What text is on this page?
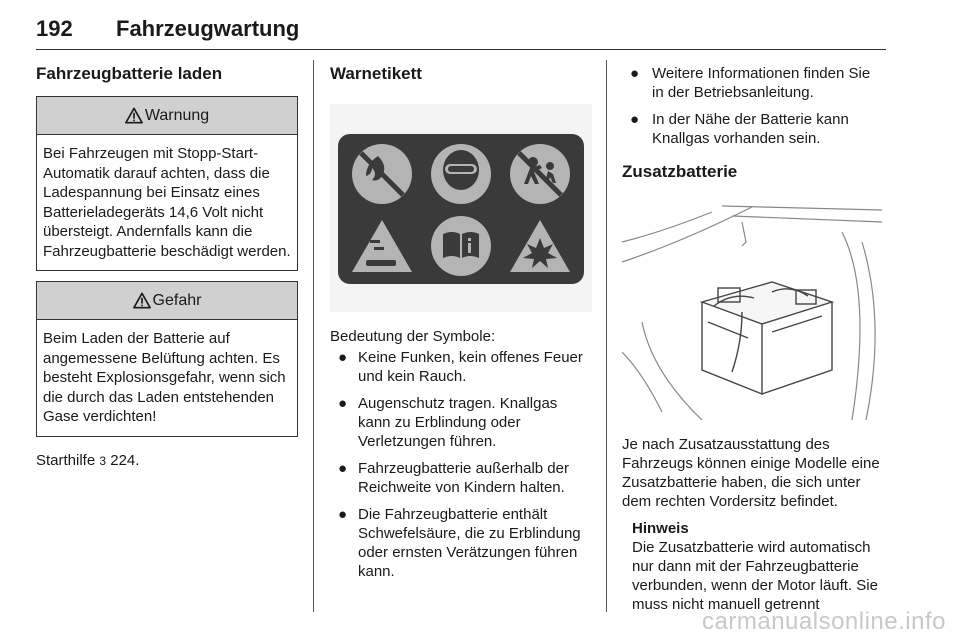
192 Fahrzeugwartung
Fahrzeugbatterie laden
Warnung
Bei Fahrzeugen mit Stopp-Start-Automatik darauf achten, dass die Ladespannung bei Einsatz eines Batterieladegeräts 14,6 Volt nicht übersteigt. Andernfalls kann die Fahrzeugbatterie beschädigt werden.
Gefahr
Beim Laden der Batterie auf angemessene Belüftung achten. Es besteht Explosionsgefahr, wenn sich die durch das Laden entstehenden Gase verdichten!

Starthilfe 3 224.

Warnetikett

Bedeutung der Symbole:

● Keine Funken, kein offenes Feuer und kein Rauch.
● Augenschutz tragen. Knallgas kann zu Erblindung oder Verletzungen führen.
● Fahrzeugbatterie außerhalb der Reichweite von Kindern halten.
● Die Fahrzeugbatterie enthält Schwefelsäure, die zu Erblindung oder ernsten Verätzungen führen kann.
● Weitere Informationen finden Sie in der Betriebsanleitung.
● In der Nähe der Batterie kann Knallgas vorhanden sein.
Zusatzbatterie

Je nach Zusatzausstattung des Fahrzeugs können einige Modelle eine Zusatzbatterie haben, die sich unter dem rechten Vordersitz befindet.

Hinweis
Die Zusatzbatterie wird automatisch nur dann mit der Fahrzeugbatterie verbunden, wenn der Motor läuft. Sie muss nicht manuell getrennt
carmanualsonline.info
